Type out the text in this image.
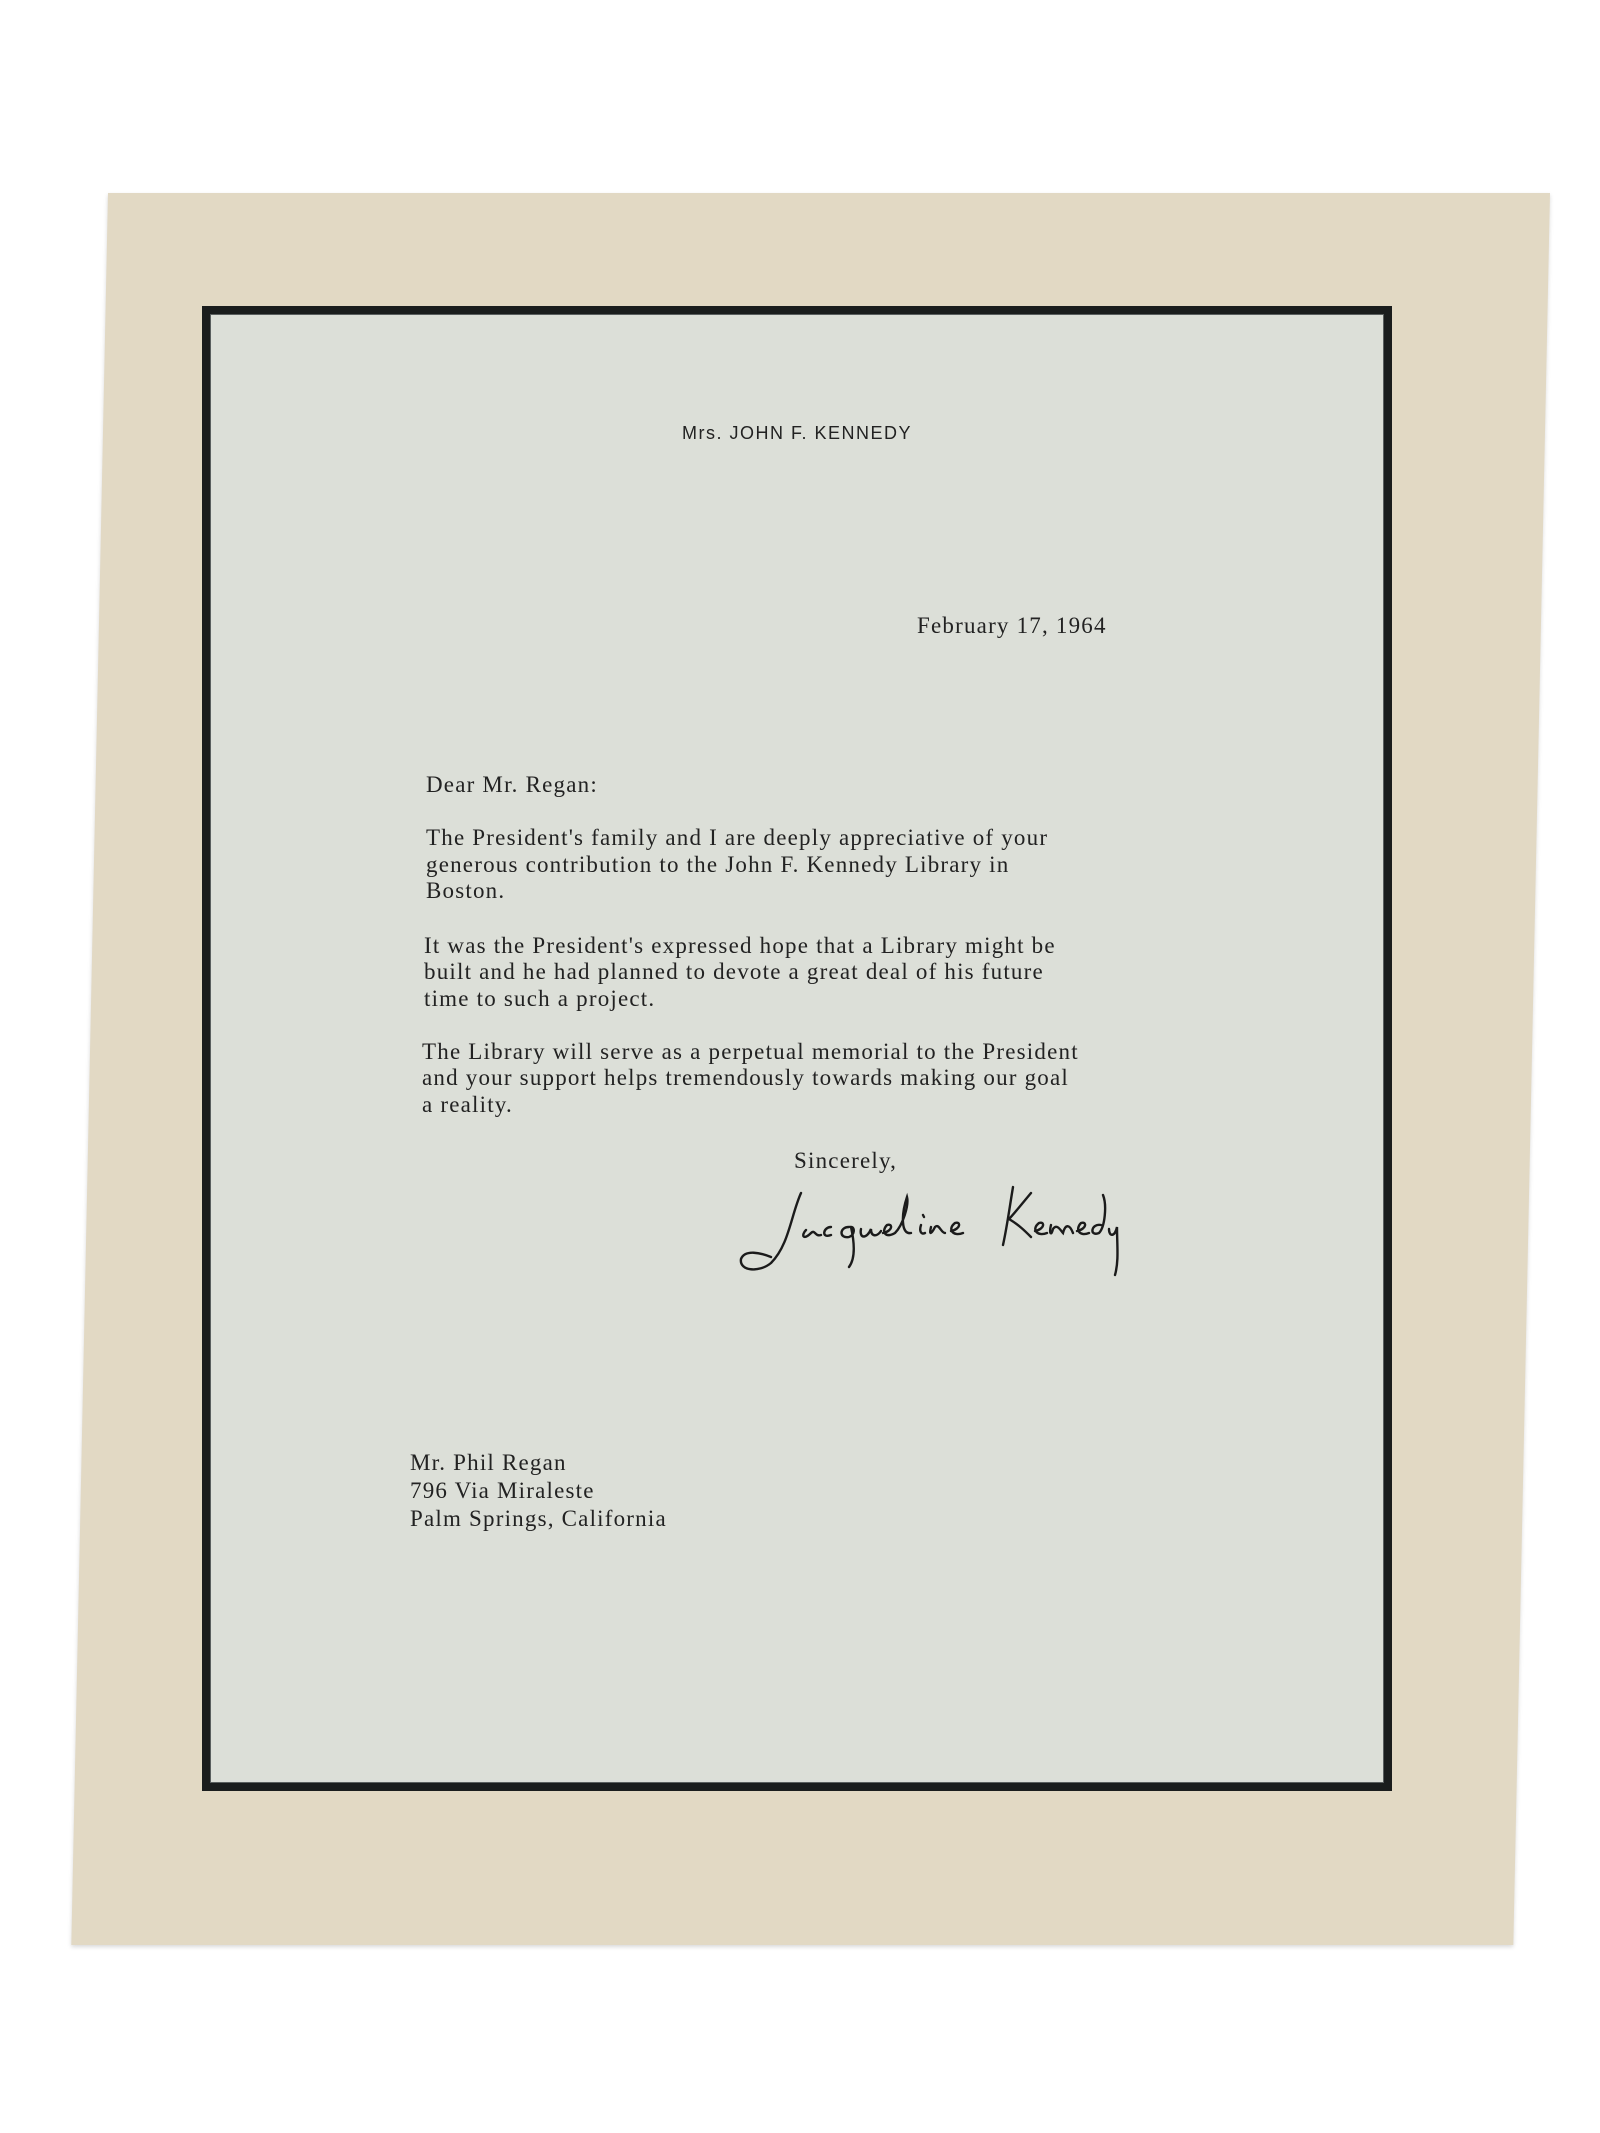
Mrs. JOHN F. KENNEDY
February 17, 1964
Dear Mr. Regan:
The President's family and I are deeply appreciative of your
generous contribution to the John F. Kennedy Library in
Boston.
It was the President's expressed hope that a Library might be
built and he had planned to devote a great deal of his future
time to such a project.
The Library will serve as a perpetual memorial to the President
and your support helps tremendously towards making our goal
a reality.
Sincerely,
Mr. Phil Regan
796 Via Miraleste
Palm Springs, California
